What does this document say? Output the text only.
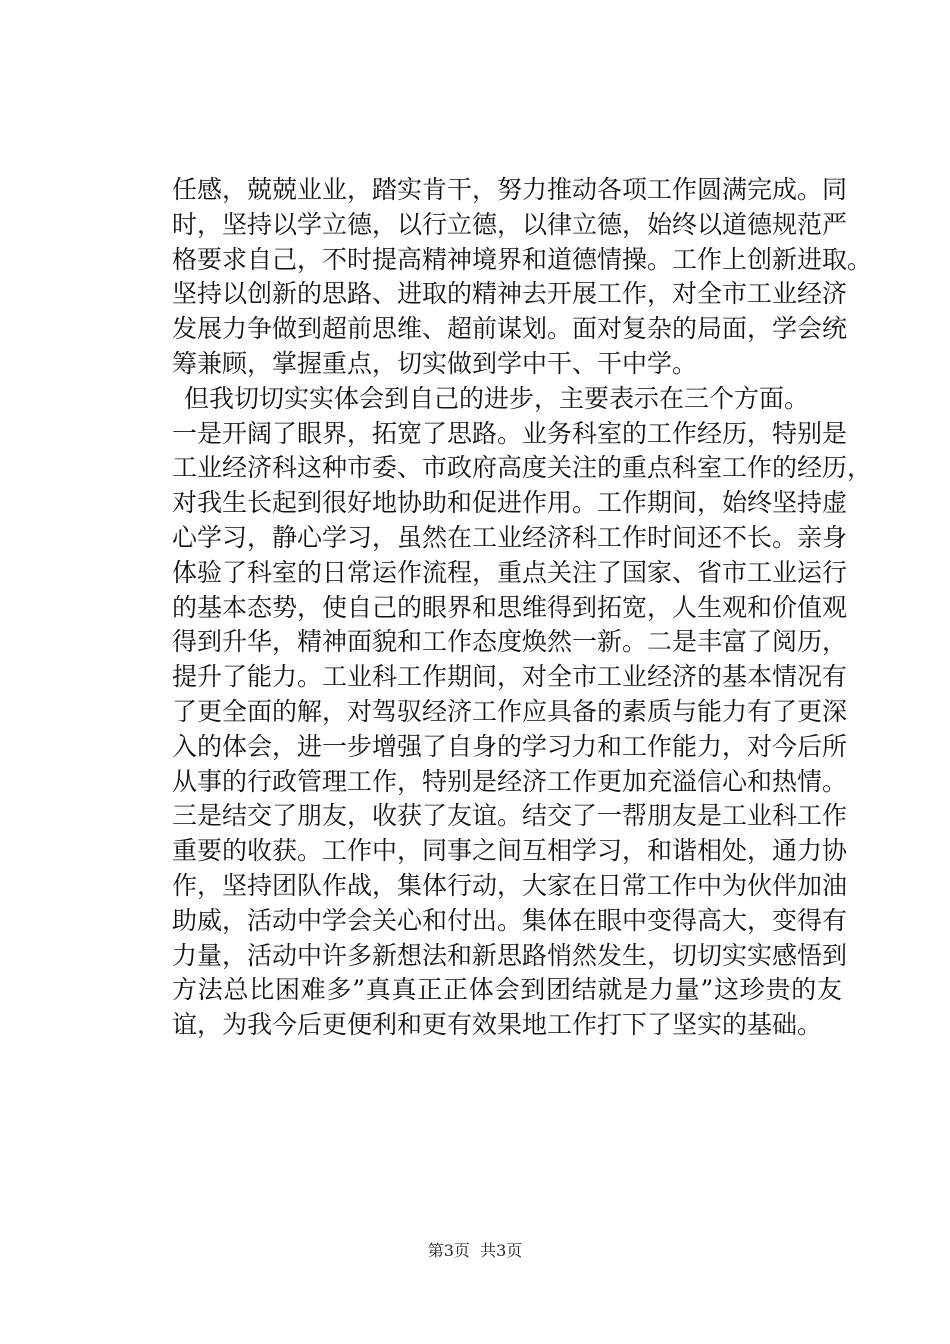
任感，兢兢业业，踏实肯干，努力推动各项工作圆满完成。同
时，坚持以学立德，以行立德，以律立德，始终以道德规范严
格要求自己，不时提高精神境界和道德情操。工作上创新进取。
坚持以创新的思路、进取的精神去开展工作，对全市工业经济
发展力争做到超前思维、超前谋划。面对复杂的局面，学会统
筹兼顾，掌握重点，切实做到学中干、干中学。
但我切切实实体会到自己的进步，主要表示在三个方面。
一是开阔了眼界，拓宽了思路。业务科室的工作经历，特别是
工业经济科这种市委、市政府高度关注的重点科室工作的经历，
对我生长起到很好地协助和促进作用。工作期间，始终坚持虚
心学习，静心学习，虽然在工业经济科工作时间还不长。亲身
体验了科室的日常运作流程，重点关注了国家、省市工业运行
的基本态势，使自己的眼界和思维得到拓宽，人生观和价值观
得到升华，精神面貌和工作态度焕然一新。二是丰富了阅历，
提升了能力。工业科工作期间，对全市工业经济的基本情况有
了更全面的解，对驾驭经济工作应具备的素质与能力有了更深
入的体会，进一步增强了自身的学习力和工作能力，对今后所
从事的行政管理工作，特别是经济工作更加充溢信心和热情。
三是结交了朋友，收获了友谊。结交了一帮朋友是工业科工作
重要的收获。工作中，同事之间互相学习，和谐相处，通力协
作，坚持团队作战，集体行动，大家在日常工作中为伙伴加油
助威，活动中学会关心和付出。集体在眼中变得高大，变得有
力量，活动中许多新想法和新思路悄然发生，切切实实感悟到
方法总比困难多”真真正正体会到团结就是力量”这珍贵的友
谊，为我今后更便利和更有效果地工作打下了坚实的基础。
第3页 共3页
